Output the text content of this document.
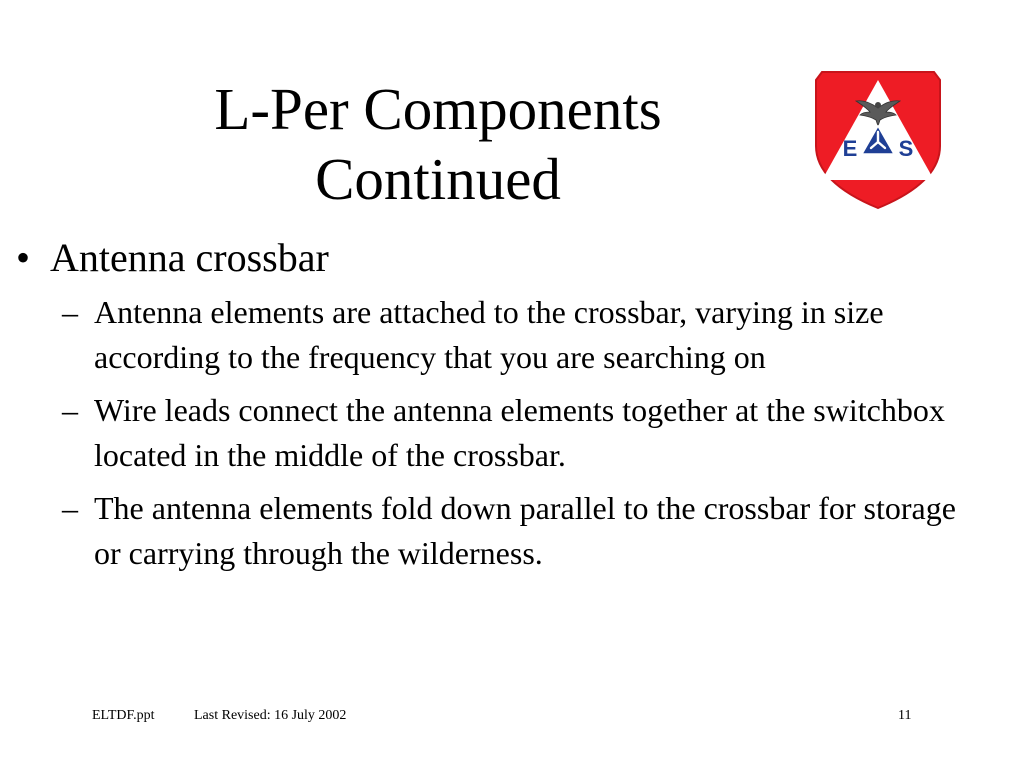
L-Per Components
Continued	E S
• Antenna crossbar
– Antenna elements are attached to the crossbar, varying in size according to the frequency that you are searching on
– Wire leads connect the antenna elements together at the switchbox located in the middle of the crossbar.
– The antenna elements fold down parallel to the crossbar for storage or carrying through the wilderness.
ELTDF.ppt	Last Revised: 16 July 2002	11
